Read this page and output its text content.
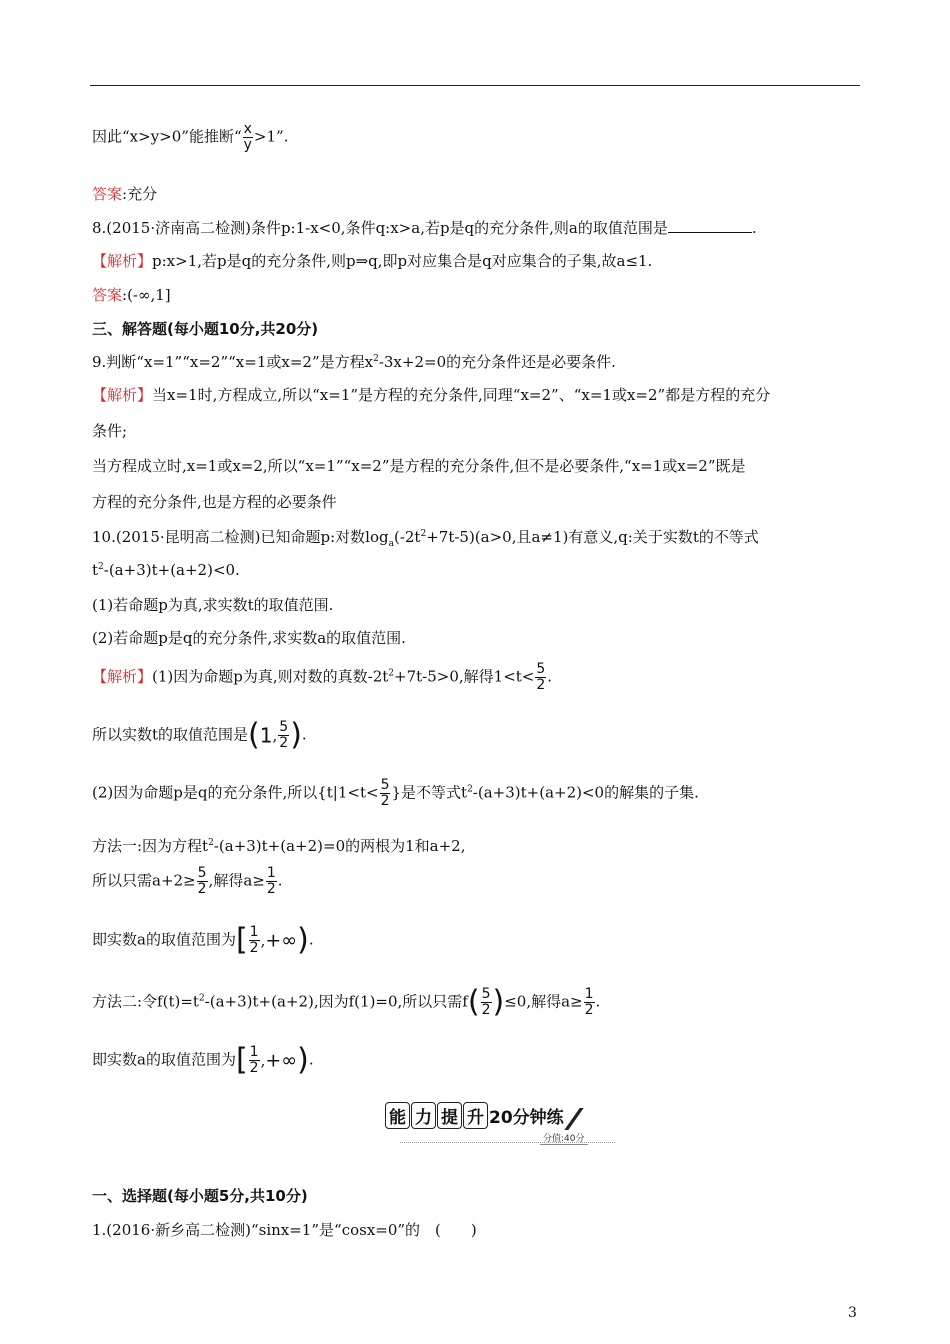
因此“x>y>0”能推断“ $\frac{x}{y} >1$”.
答案:充分
8.(2015·济南高二检测)条件p:1-x<0,条件q:x>a,若p是q的充分条件,则a的取值范围是	.
【解析】p:x>1,若p是q的充分条件,则p⇒q,即p对应集合是q对应集合的子集,故a≤1.
答案:(-∞,1]
三、解答题(每小题10分,共20分)
9.判断“x=1”“x=2”“x=1或x=2”是方程$x^2-3x+2=0$的充分条件还是必要条件.
【解析】当x=1时,方程成立,所以“x=1”是方程的充分条件,同理“x=2”、“x=1或x=2”都是方程的充分
条件;
当方程成立时,x=1或x=2,所以“x=1”“x=2”是方程的充分条件,但不是必要条件,“x=1或x=2”既是
方程的充分条件,也是方程的必要条件
10.(2015·昆明高二检测)已知命题p:对数$\log_a(-2t^2+7t-5)(a>0$,且a≠1)有意义,q:关于实数t的不等式
$t^2-(a+3)t+(a+2)<0$.
(1)若命题p为真,求实数t的取值范围.
(2)若命题p是q的充分条件,求实数a的取值范围.
【解析】(1)因为命题p为真,则对数的真数$-2t^2+7t-5>0$,解得$1<t< \frac{5}{2}$ .
所以实数t的取值范围是(1, $\frac{5}{2}$ ).
(2)因为命题p是q的充分条件,所以{$t|1<t< \frac{5}{2}$ }是不等式$t^2-(a+3)t+(a+2)<0$的解集的子集.
方法一:因为方程$t^2-(a+3)t+(a+2)=0$的两根为1和a+2,
所以只需$a+2\ge \frac{5}{2}$ ,解得$a\ge \frac{1}{2}$ .
即实数a的取值范围为[ $\frac{1}{2}$ ,+∞).
方法二:令$f(t)=t^2-(a+3)t+(a+2)$,因为f(1)=0,所以只需$f( \frac{5}{2} )\le 0$,解得$a\ge \frac{1}{2}$ .
即实数a的取值范围为[ $\frac{1}{2}$ ,+∞).
能 力 提 升 20分钟练
分值:40分
一、选择题(每小题5分,共10分)
1.(2016·新乡高二检测)“sinx=1”是“cosx=0”的　(　　)
3
